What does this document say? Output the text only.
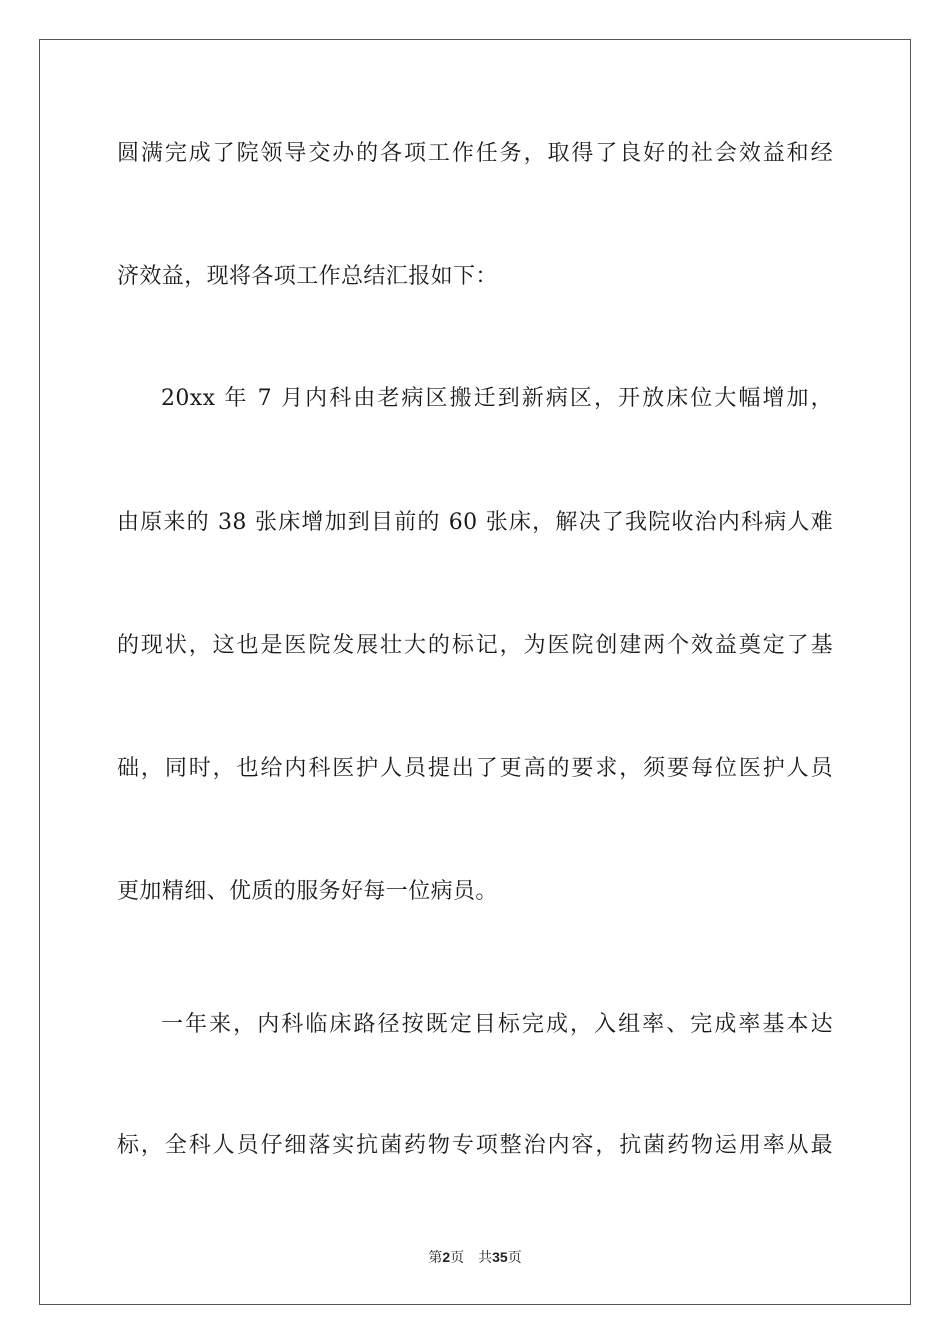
圆满完成了院领导交办的各项工作任务，取得了良好的社会效益和经
济效益，现将各项工作总结汇报如下：
20xx 年 7 月内科由老病区搬迁到新病区，开放床位大幅增加，
由原来的 38 张床增加到目前的 60 张床，解决了我院收治内科病人难
的现状，这也是医院发展壮大的标记，为医院创建两个效益奠定了基
础，同时，也给内科医护人员提出了更高的要求，须要每位医护人员
更加精细、优质的服务好每一位病员。
一年来，内科临床路径按既定目标完成，入组率、完成率基本达
标，全科人员仔细落实抗菌药物专项整治内容，抗菌药物运用率从最
第2页 共35页
